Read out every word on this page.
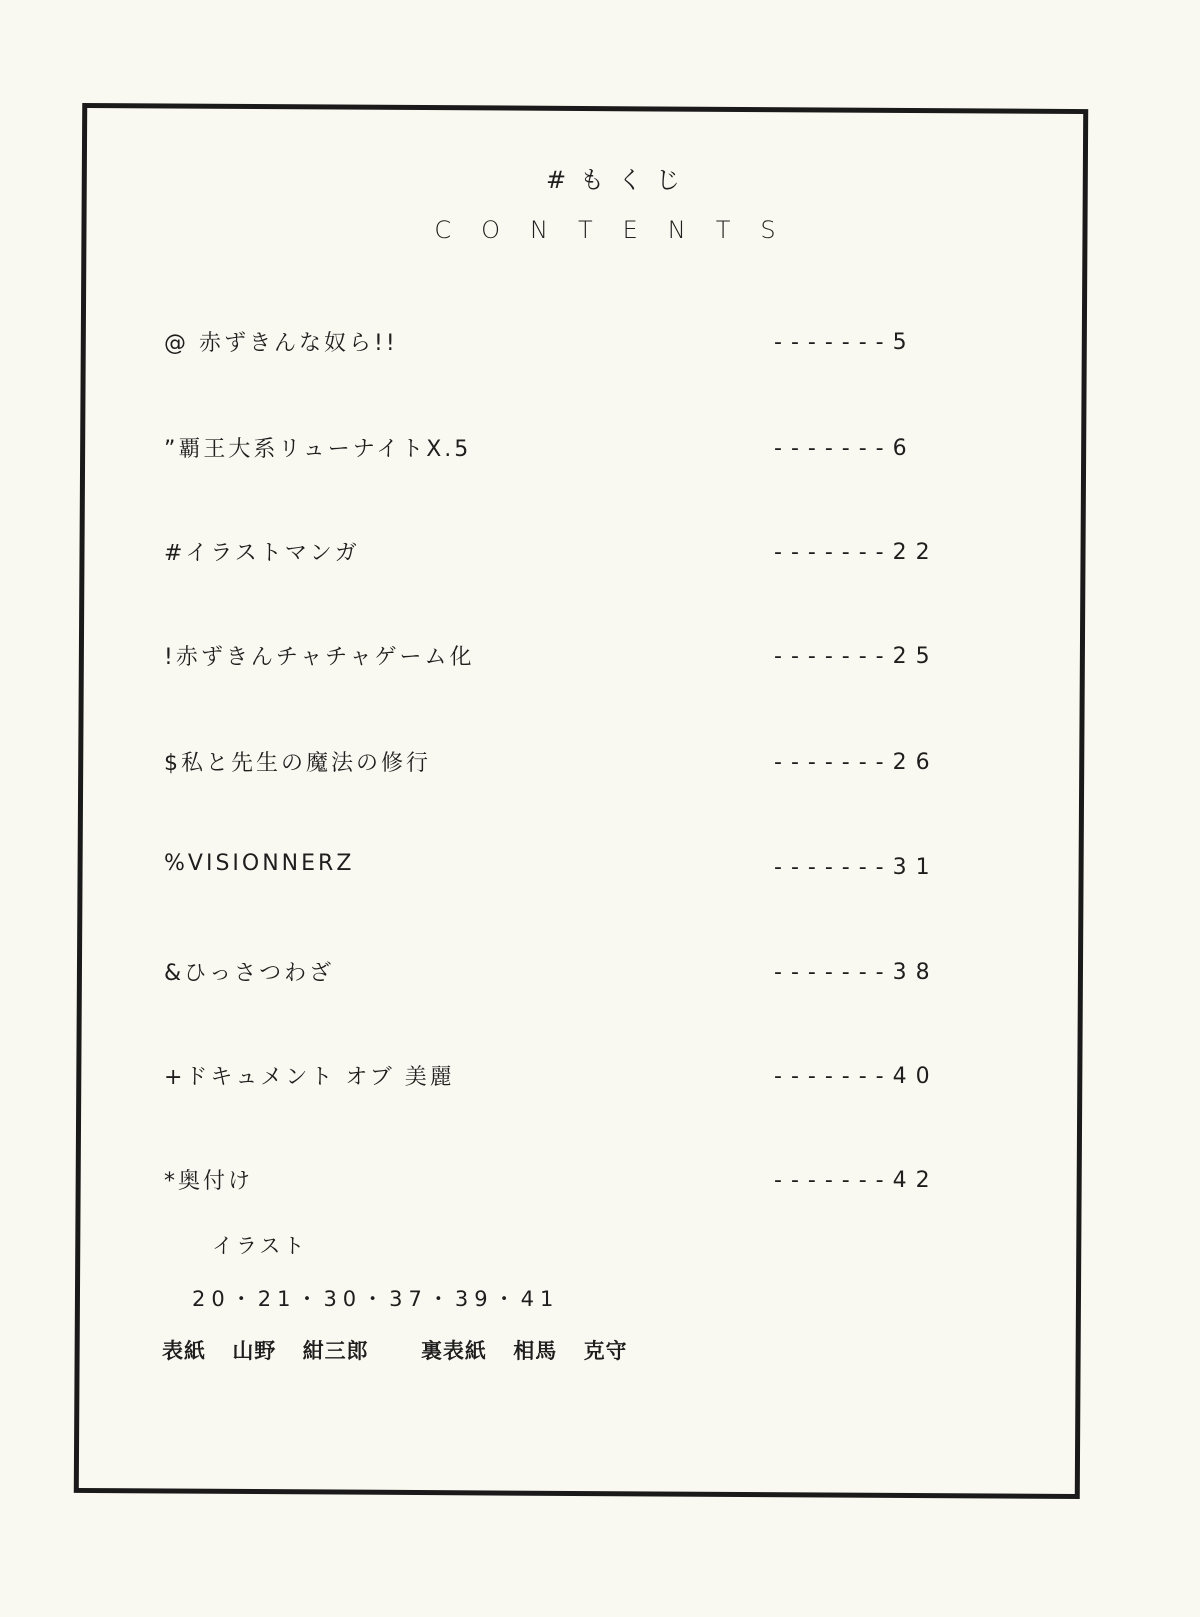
#もくじ
CONTENTS
@ 赤ずきんな奴ら!!	-------5
”覇王大系リューナイトX.5	-------6
#イラストマンガ	-------22
!赤ずきんチャチャゲーム化	-------25
$私と先生の魔法の修行	-------26
%VISIONNERZ	-------31
&ひっさつわざ	-------38
+ドキュメント オブ 美麗	-------40
*奥付け	-------42
イラスト
20・21・30・37・39・41
表紙 山野 紺三郎 裏表紙 相馬 克守
